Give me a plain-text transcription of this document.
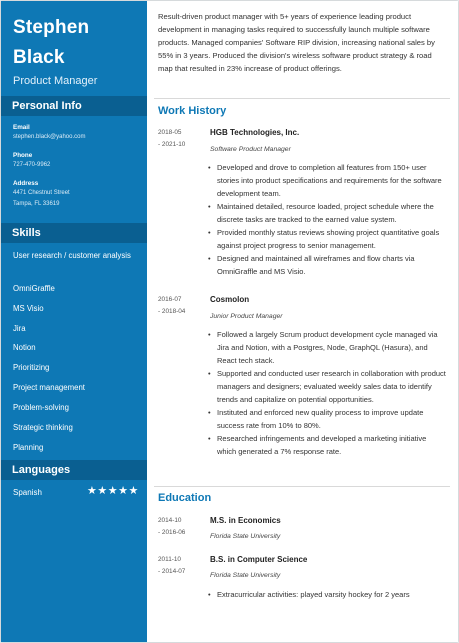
Stephen
Black
Product Manager
Personal Info
Email
stephen.black@yahoo.com
Phone
727-470-9962
Address
4471 Chestnut Street
Tampa, FL 33619
Skills
User research / customer analysis
OmniGraffle
MS Visio
Jira
Notion
Prioritizing
Project management
Problem-solving
Strategic thinking
Planning
Languages
Spanish	★★★★★
Result-driven product manager with 5+ years of experience leading product development in managing tasks required to successfully launch multiple software products. Managed companies' Software RIP division, increasing national sales by 55% in 3 years. Produced the division's wireless software product strategy & road map that resulted in 23% increase of product offerings.
Work History
2018-05
- 2021-10
HGB Technologies, Inc.
Software Product Manager
• Developed and drove to completion all features from 150+ user stories into product specifications and requirements for the software development team.
• Maintained detailed, resource loaded, project schedule where the discrete tasks are tracked to the earned value system.
• Provided monthly status reviews showing project quantitative goals against project progress to senior management.
• Designed and maintained all wireframes and flow charts via OmniGraffle and MS Visio.
2016-07
- 2018-04
Cosmolon
Junior Product Manager
• Followed a largely Scrum product development cycle managed via Jira and Notion, with a Postgres, Node, GraphQL (Hasura), and React tech stack.
• Supported and conducted user research in collaboration with product managers and designers; evaluated weekly sales data to identify trends and capitalize on potential opportunities.
• Instituted and enforced new quality process to improve update success rate from 10% to 80%.
• Researched infringements and developed a marketing initiative which generated a 7% response rate.
Education
2014-10
- 2016-06
M.S. in Economics
Florida State University
2011-10
- 2014-07
B.S. in Computer Science
Florida State University
• Extracurricular activities: played varsity hockey for 2 years
